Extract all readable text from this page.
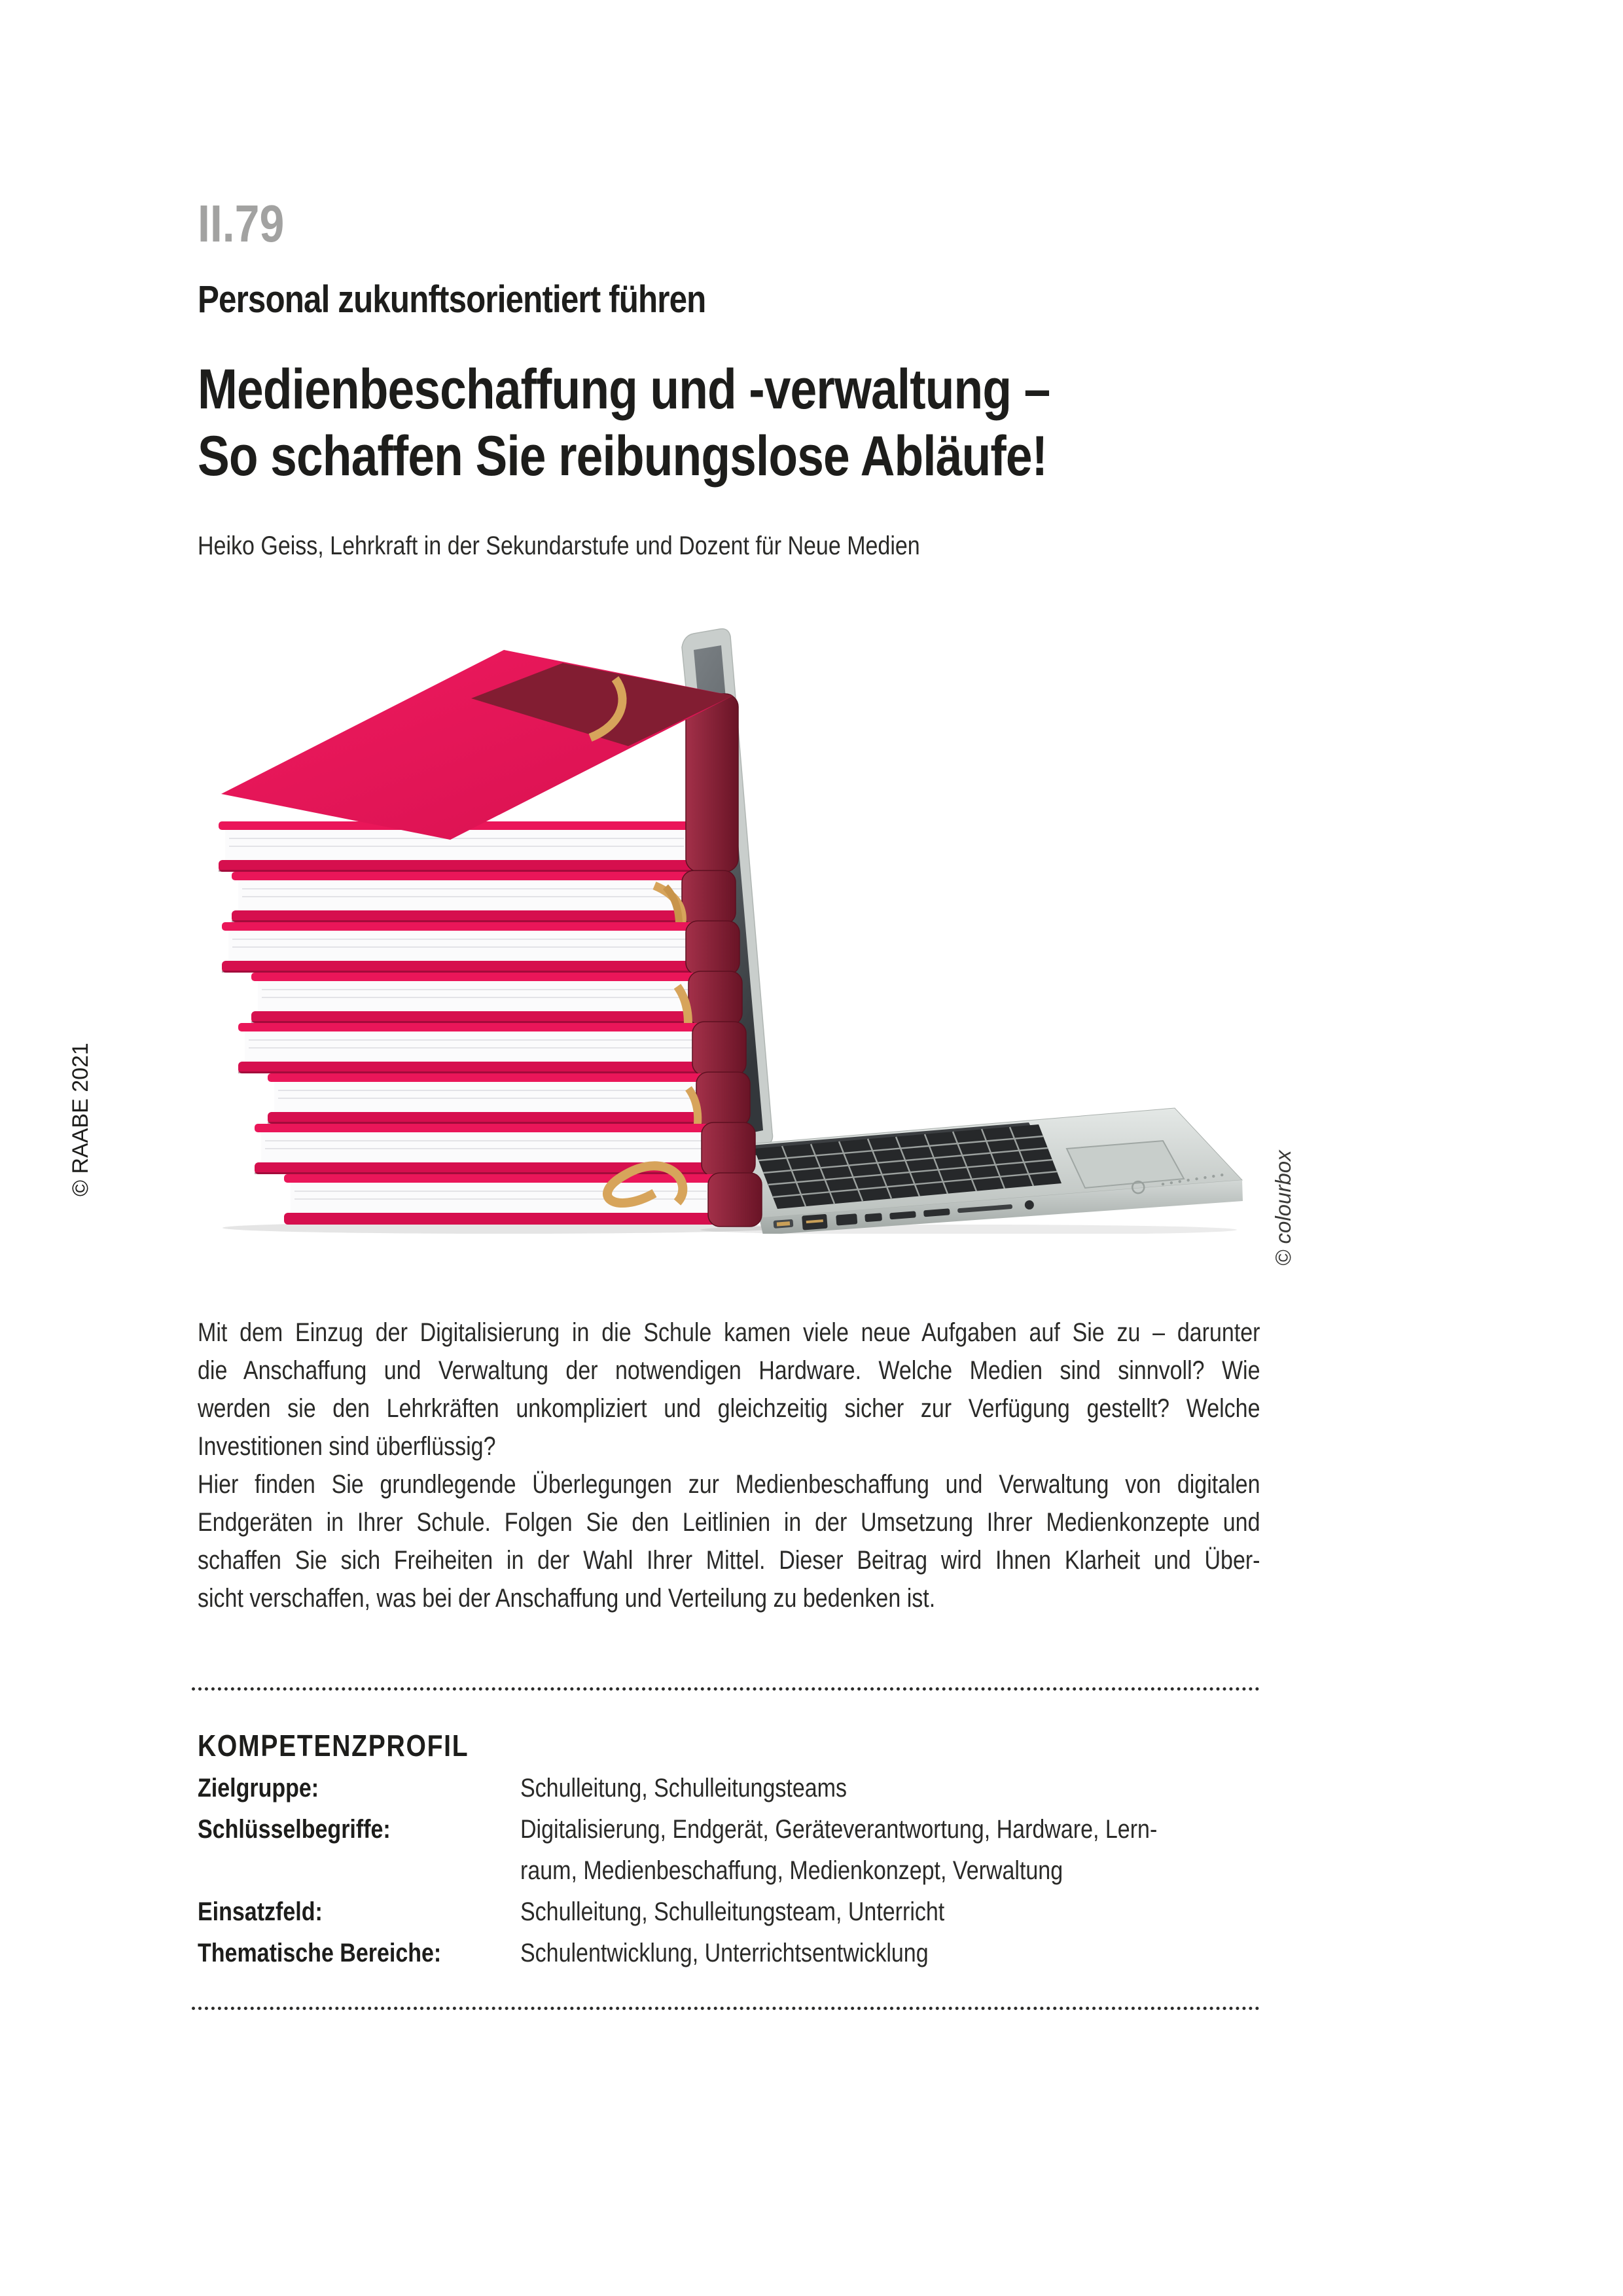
II.79
Personal zukunftsorientiert führen
Medienbeschaffung und -verwaltung –
So schaffen Sie reibungslose Abläufe!
Heiko Geiss, Lehrkraft in der Sekundarstufe und Dozent für Neue Medien
© RAABE 2021
© colourbox
Mit dem Einzug der Digitalisierung in die Schule kamen viele neue Aufgaben auf Sie zu – darunter
die Anschaffung und Verwaltung der notwendigen Hardware. Welche Medien sind sinnvoll? Wie
werden sie den Lehrkräften unkompliziert und gleichzeitig sicher zur Verfügung gestellt? Welche
Investitionen sind überflüssig?
Hier finden Sie grundlegende Überlegungen zur Medienbeschaffung und Verwaltung von digitalen
Endgeräten in Ihrer Schule. Folgen Sie den Leitlinien in der Umsetzung Ihrer Medienkonzepte und
schaffen Sie sich Freiheiten in der Wahl Ihrer Mittel. Dieser Beitrag wird Ihnen Klarheit und Über-
sicht verschaffen, was bei der Anschaffung und Verteilung zu bedenken ist.
KOMPETENZPROFIL
Zielgruppe:	Schulleitung, Schulleitungsteams
Schlüsselbegriffe:	Digitalisierung, Endgerät, Geräteverantwortung, Hardware, Lern-
raum, Medienbeschaffung, Medienkonzept, Verwaltung
Einsatzfeld:	Schulleitung, Schulleitungsteam, Unterricht
Thematische Bereiche:	Schulentwicklung, Unterrichtsentwicklung
